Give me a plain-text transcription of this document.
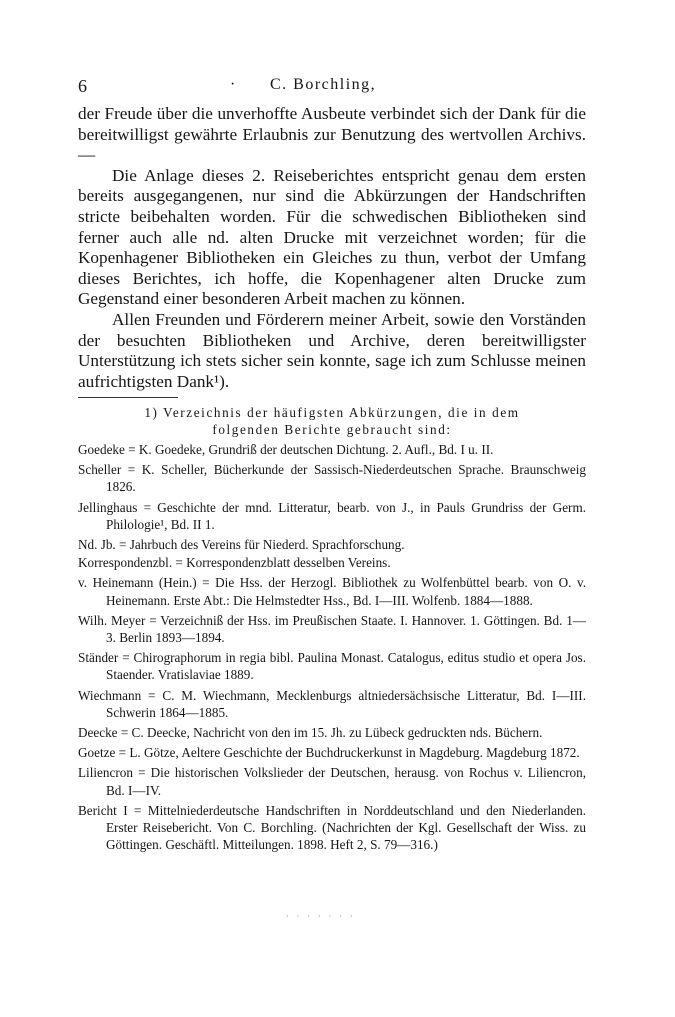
6	· C. Borchling,

der Freude über die unverhoffte Ausbeute verbindet sich der Dank für die bereitwilligst gewährte Erlaubnis zur Benutzung des wertvollen Archivs. —

Die Anlage dieses 2. Reiseberichtes entspricht genau dem ersten bereits ausgegangenen, nur sind die Abkürzungen der Handschriften stricte beibehalten worden. Für die schwedischen Bibliotheken sind ferner auch alle nd. alten Drucke mit verzeichnet worden; für die Kopenhagener Bibliotheken ein Gleiches zu thun, verbot der Umfang dieses Berichtes, ich hoffe, die Kopenhagener alten Drucke zum Gegenstand einer besonderen Arbeit machen zu können.

Allen Freunden und Förderern meiner Arbeit, sowie den Vorständen der besuchten Bibliotheken und Archive, deren bereitwilligster Unterstützung ich stets sicher sein konnte, sage ich zum Schlusse meinen aufrichtigsten Dank¹).

1) Verzeichnis der häufigsten Abkürzungen, die in dem
folgenden Berichte gebraucht sind:
Goedeke = K. Goedeke, Grundriß der deutschen Dichtung. 2. Aufl., Bd. I u. II.
Scheller = K. Scheller, Bücherkunde der Sassisch-Niederdeutschen Sprache. Braunschweig 1826.
Jellinghaus = Geschichte der mnd. Litteratur, bearb. von J., in Pauls Grundriss der Germ. Philologie¹, Bd. II 1.
Nd. Jb. = Jahrbuch des Vereins für Niederd. Sprachforschung.
Korrespondenzbl. = Korrespondenzblatt desselben Vereins.
v. Heinemann (Hein.) = Die Hss. der Herzogl. Bibliothek zu Wolfenbüttel bearb. von O. v. Heinemann. Erste Abt.: Die Helmstedter Hss., Bd. I—III. Wolfenb. 1884—1888.
Wilh. Meyer = Verzeichniß der Hss. im Preußischen Staate. I. Hannover. 1. Göttingen. Bd. 1—3. Berlin 1893—1894.
Ständer = Chirographorum in regia bibl. Paulina Monast. Catalogus, editus studio et opera Jos. Staender. Vratislaviae 1889.
Wiechmann = C. M. Wiechmann, Mecklenburgs altniedersächsische Litteratur, Bd. I—III. Schwerin 1864—1885.
Deecke = C. Deecke, Nachricht von den im 15. Jh. zu Lübeck gedruckten nds. Büchern.
Goetze = L. Götze, Aeltere Geschichte der Buchdruckerkunst in Magdeburg. Magdeburg 1872.
Liliencron = Die historischen Volkslieder der Deutschen, herausg. von Rochus v. Liliencron, Bd. I—IV.
Bericht I = Mittelniederdeutsche Handschriften in Norddeutschland und den Niederlanden. Erster Reisebericht. Von C. Borchling. (Nachrichten der Kgl. Gesellschaft der Wiss. zu Göttingen. Geschäftl. Mitteilungen. 1898. Heft 2, S. 79—316.)
· · · · · · ·
